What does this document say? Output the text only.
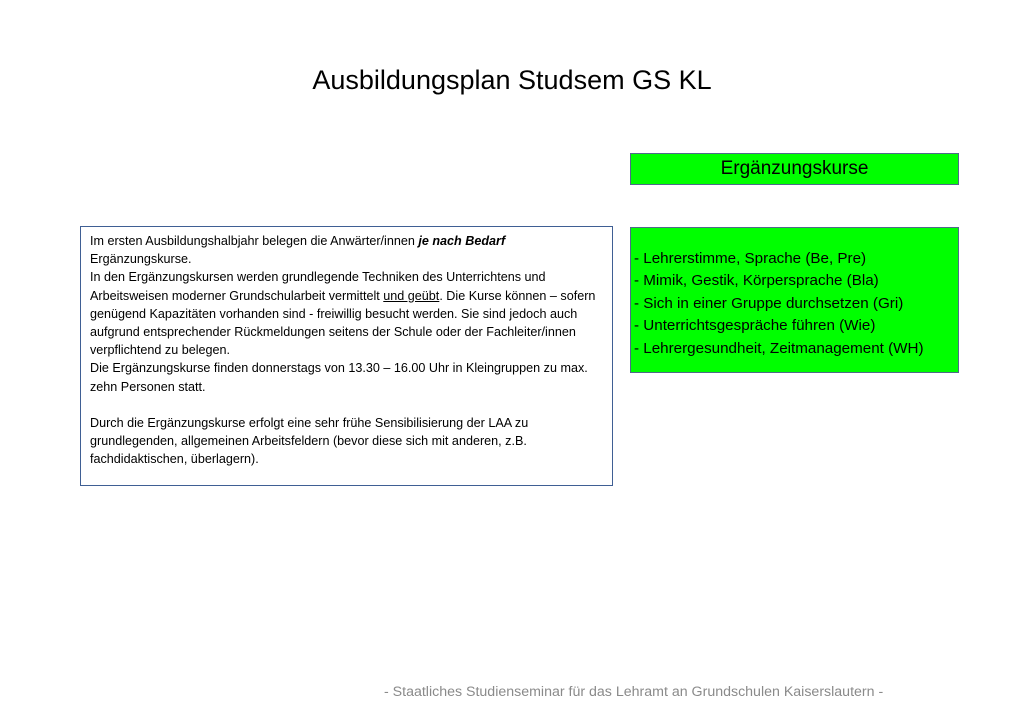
Ausbildungsplan Studsem GS KL
Ergänzungskurse

Im ersten Ausbildungshalbjahr belegen die Anwärter/innen je nach Bedarf Ergänzungskurse.

In den Ergänzungskursen werden grundlegende Techniken des Unterrichtens und Arbeitsweisen moderner Grundschularbeit vermittelt und geübt. Die Kurse können – sofern genügend Kapazitäten vorhanden sind - freiwillig besucht werden. Sie sind jedoch auch aufgrund entsprechender Rückmeldungen seitens der Schule oder der Fachleiter/innen verpflichtend zu belegen.

Die Ergänzungskurse finden donnerstags von 13.30 – 16.00 Uhr in Kleingruppen zu max. zehn Personen statt.

Durch die Ergänzungskurse erfolgt eine sehr frühe Sensibilisierung der LAA zu grundlegenden, allgemeinen Arbeitsfeldern (bevor diese sich mit anderen, z.B. fachdidaktischen, überlagern).

- Lehrerstimme, Sprache (Be, Pre)
- Mimik, Gestik, Körpersprache (Bla)
- Sich in einer Gruppe durchsetzen (Gri)
- Unterrichtsgespräche führen (Wie)
- Lehrergesundheit, Zeitmanagement (WH)
- Staatliches Studienseminar für das Lehramt an Grundschulen Kaiserslautern -
